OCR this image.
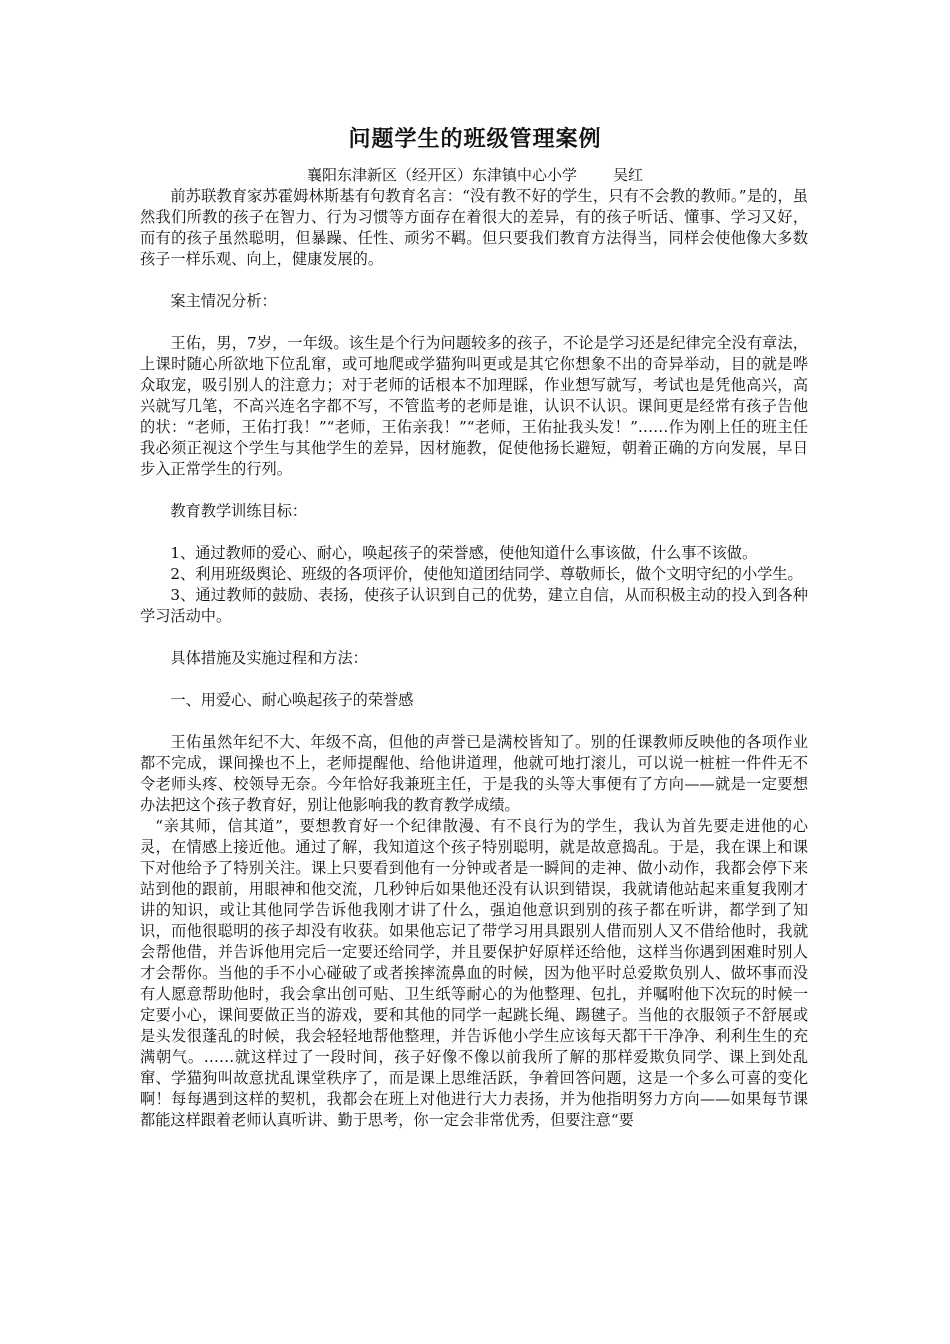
问题学生的班级管理案例
襄阳东津新区（经开区）东津镇中心小学 吴红

前苏联教育家苏霍姆林斯基有句教育名言：“没有教不好的学生，只有不会教的教师。”是的，虽然我们所教的孩子在智力、行为习惯等方面存在着很大的差异，有的孩子听话、懂事、学习又好，而有的孩子虽然聪明，但暴躁、任性、顽劣不羁。但只要我们教育方法得当，同样会使他像大多数孩子一样乐观、向上，健康发展的。

案主情况分析：

王佑，男，7岁，一年级。该生是个行为问题较多的孩子，不论是学习还是纪律完全没有章法，上课时随心所欲地下位乱窜，或可地爬或学猫狗叫更或是其它你想象不出的奇异举动，目的就是哗众取宠，吸引别人的注意力；对于老师的话根本不加理睬，作业想写就写，考试也是凭他高兴，高兴就写几笔，不高兴连名字都不写，不管监考的老师是谁，认识不认识。课间更是经常有孩子告他的状：“老师，王佑打我！”“老师，王佑亲我！”“老师，王佑扯我头发！”……作为刚上任的班主任我必须正视这个学生与其他学生的差异，因材施教，促使他扬长避短，朝着正确的方向发展，早日步入正常学生的行列。

教育教学训练目标：

1、通过教师的爱心、耐心，唤起孩子的荣誉感，使他知道什么事该做，什么事不该做。

2、利用班级舆论、班级的各项评价，使他知道团结同学、尊敬师长，做个文明守纪的小学生。

3、通过教师的鼓励、表扬，使孩子认识到自己的优势，建立自信，从而积极主动的投入到各种学习活动中。

具体措施及实施过程和方法：

一、用爱心、耐心唤起孩子的荣誉感

王佑虽然年纪不大、年级不高，但他的声誉已是满校皆知了。别的任课教师反映他的各项作业都不完成，课间操也不上，老师提醒他、给他讲道理，他就可地打滚儿，可以说一桩桩一件件无不令老师头疼、校领导无奈。今年恰好我兼班主任，于是我的头等大事便有了方向——就是一定要想办法把这个孩子教育好，别让他影响我的教育教学成绩。

“亲其师，信其道”，要想教育好一个纪律散漫、有不良行为的学生，我认为首先要走进他的心灵，在情感上接近他。通过了解，我知道这个孩子特别聪明，就是故意捣乱。于是，我在课上和课下对他给予了特别关注。课上只要看到他有一分钟或者是一瞬间的走神、做小动作，我都会停下来站到他的跟前，用眼神和他交流，几秒钟后如果他还没有认识到错误，我就请他站起来重复我刚才讲的知识，或让其他同学告诉他我刚才讲了什么，强迫他意识到别的孩子都在听讲，都学到了知识，而他很聪明的孩子却没有收获。如果他忘记了带学习用具跟别人借而别人又不借给他时，我就会帮他借，并告诉他用完后一定要还给同学，并且要保护好原样还给他，这样当你遇到困难时别人才会帮你。当他的手不小心碰破了或者挨摔流鼻血的时候，因为他平时总爱欺负别人、做坏事而没有人愿意帮助他时，我会拿出创可贴、卫生纸等耐心的为他整理、包扎，并嘱咐他下次玩的时候一定要小心，课间要做正当的游戏，要和其他的同学一起跳长绳、踢毽子。当他的衣服领子不舒展或是头发很蓬乱的时候，我会轻轻地帮他整理，并告诉他小学生应该每天都干干净净、利利生生的充满朝气。……就这样过了一段时间，孩子好像不像以前我所了解的那样爱欺负同学、课上到处乱窜、学猫狗叫故意扰乱课堂秩序了，而是课上思维活跃，争着回答问题，这是一个多么可喜的变化啊！每每遇到这样的契机，我都会在班上对他进行大力表扬，并为他指明努力方向——如果每节课都能这样跟着老师认真听讲、勤于思考，你一定会非常优秀，但要注意“要
